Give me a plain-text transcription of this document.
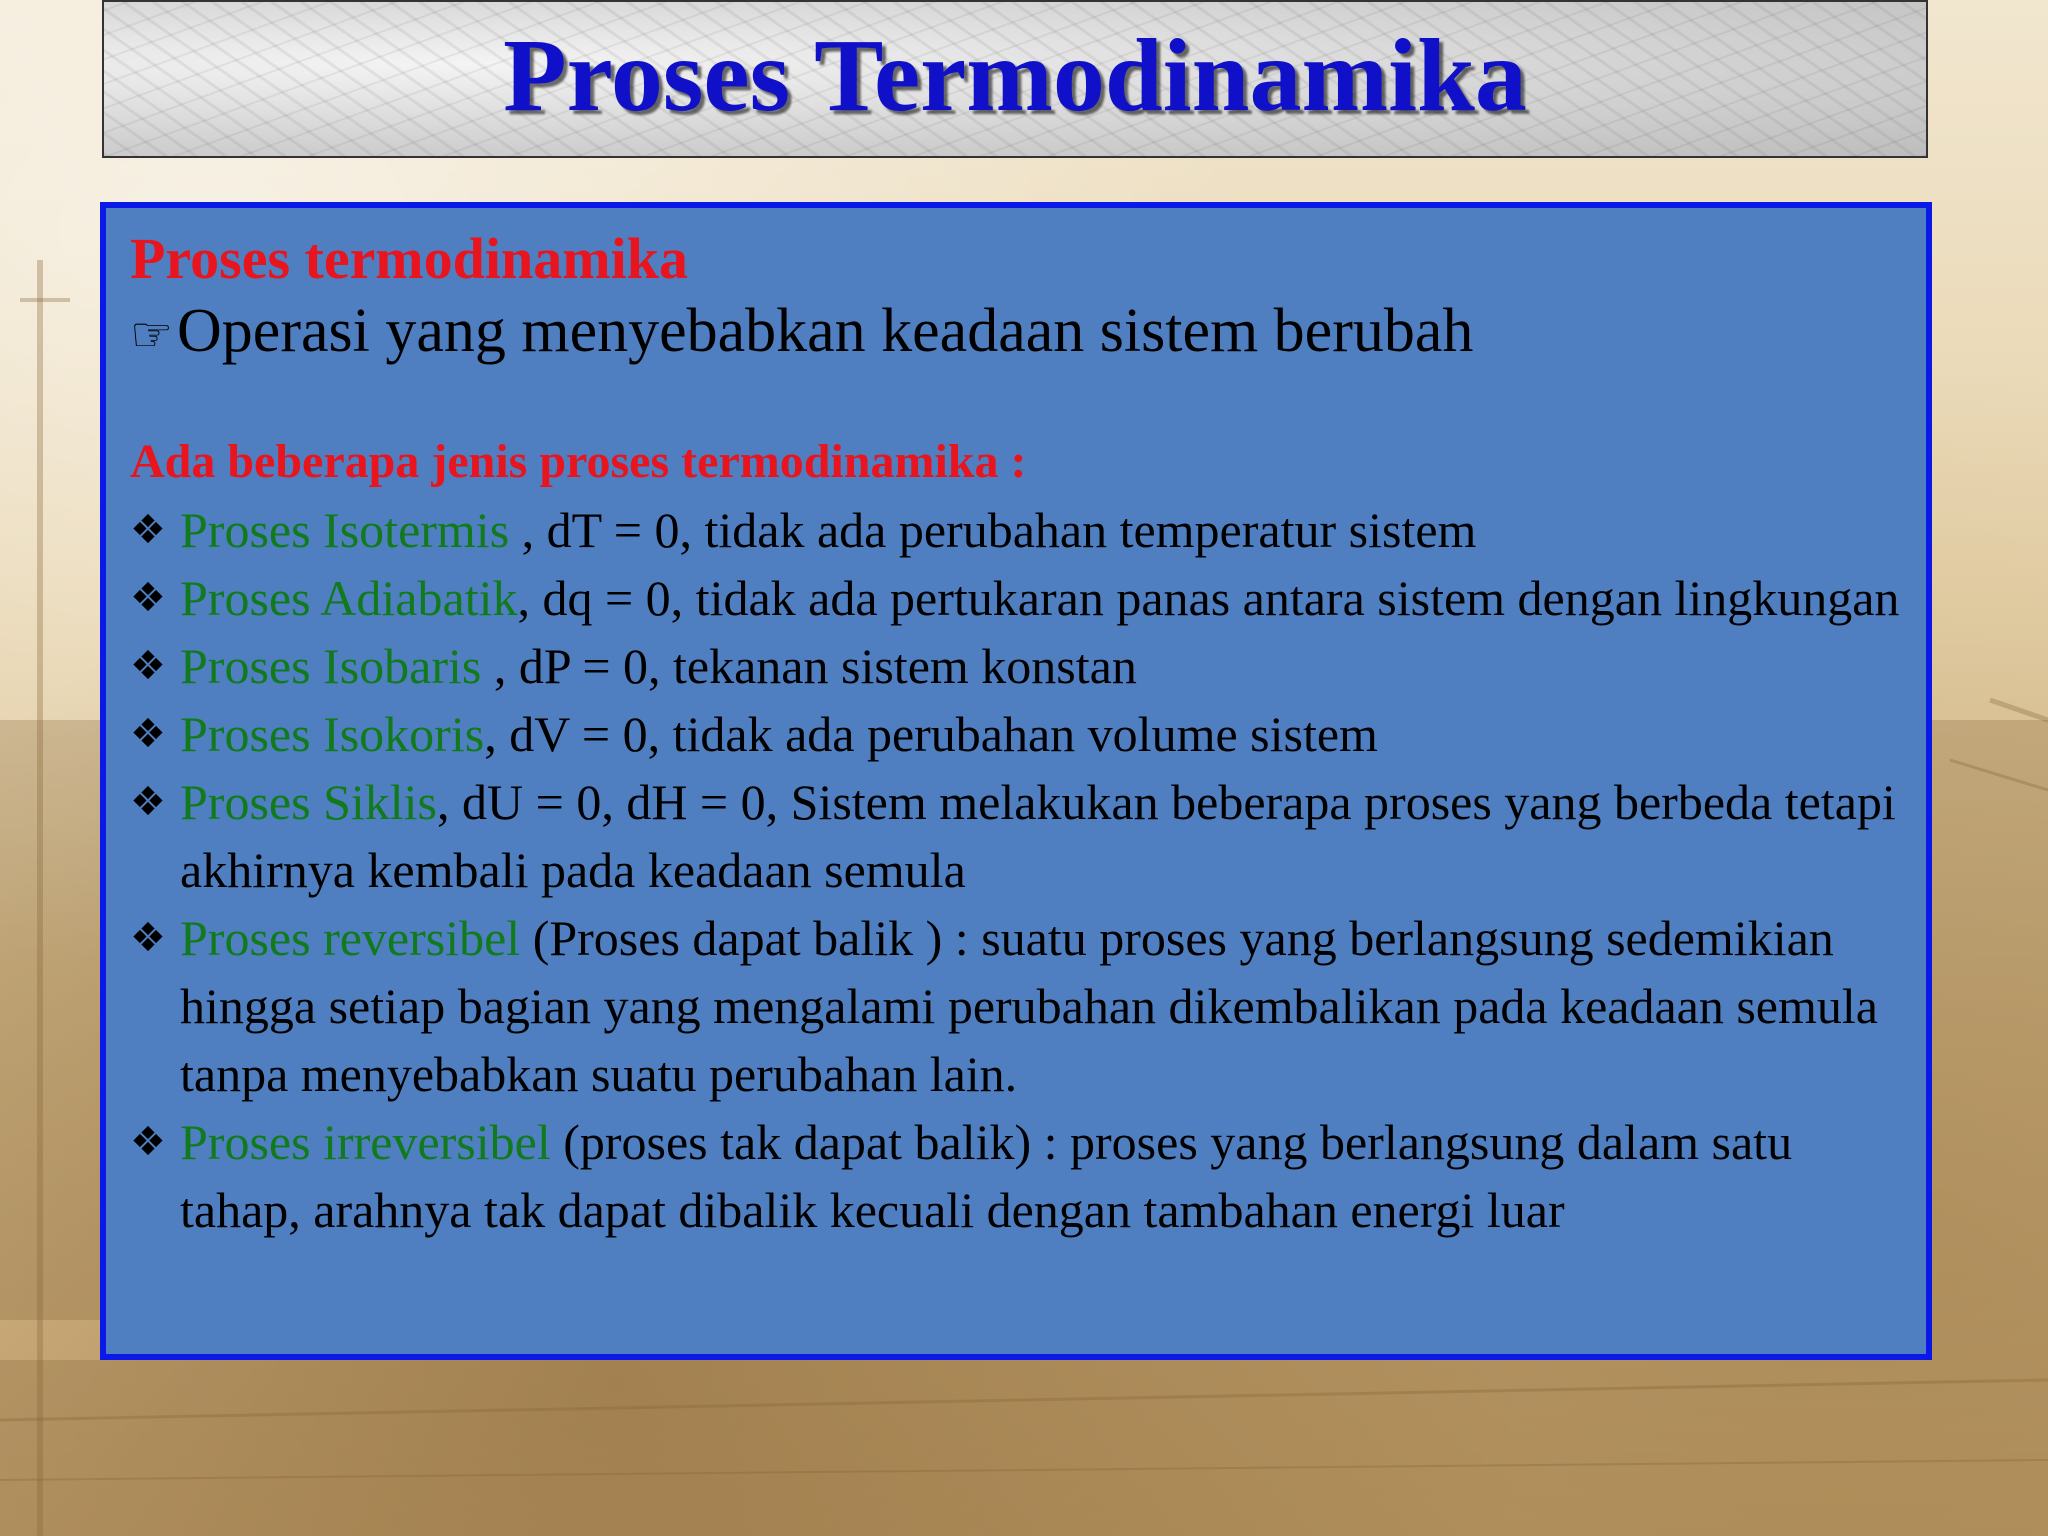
Proses Termodinamika

Proses termodinamika

☞ Operasi yang menyebabkan keadaan sistem berubah

Ada beberapa jenis proses termodinamika :

❖ Proses Isotermis , dT = 0, tidak ada perubahan temperatur sistem
❖ Proses Adiabatik, dq = 0, tidak ada pertukaran panas antara sistem dengan lingkungan
❖ Proses Isobaris , dP = 0, tekanan sistem konstan
❖ Proses Isokoris, dV = 0, tidak ada perubahan volume sistem
❖ Proses Siklis, dU = 0, dH = 0, Sistem melakukan beberapa proses yang berbeda tetapi akhirnya kembali pada keadaan semula
❖ Proses reversibel (Proses dapat balik ) : suatu proses yang berlangsung sedemikian hingga setiap bagian yang mengalami perubahan dikembalikan pada keadaan semula tanpa menyebabkan suatu perubahan lain.
❖ Proses irreversibel (proses tak dapat balik) : proses yang berlangsung dalam satu tahap, arahnya tak dapat dibalik kecuali dengan tambahan energi luar
